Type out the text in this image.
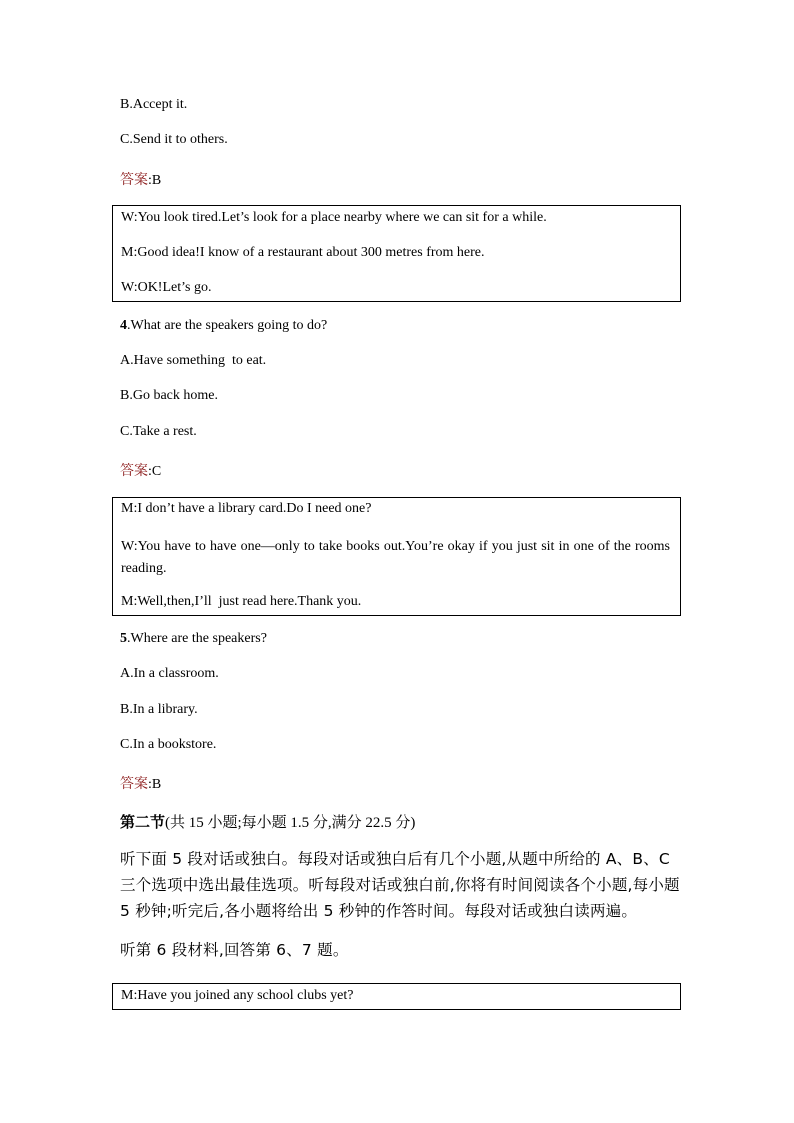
B.Accept it.
C.Send it to others.
答案:B

W:You look tired.Let’s look for a place nearby where we can sit for a while.

M:Good idea!I know of a restaurant about 300 metres from here.

W:OK!Let’s go.

4.What are the speakers going to do?
A.Have something  to eat.
B.Go back home.
C.Take a rest.
答案:C

M:I don’t have a library card.Do I need one?

W:You have to have one—only to take books out.You’re okay if you just sit in one of the rooms reading.

M:Well,then,I’ll  just read here.Thank you.

5.Where are the speakers?
A.In a classroom.
B.In a library.
C.In a bookstore.
答案:B
第二节(共 15 小题;每小题 1.5 分,满分 22.5 分)
听下面 5 段对话或独白。每段对话或独白后有几个小题,从题中所给的 A、B、C 三个选项中选出最佳选项。听每段对话或独白前,你将有时间阅读各个小题,每小题 5 秒钟;听完后,各小题将给出 5 秒钟的作答时间。每段对话或独白读两遍。
听第 6 段材料,回答第 6、7 题。

M:Have you joined any school clubs yet?
